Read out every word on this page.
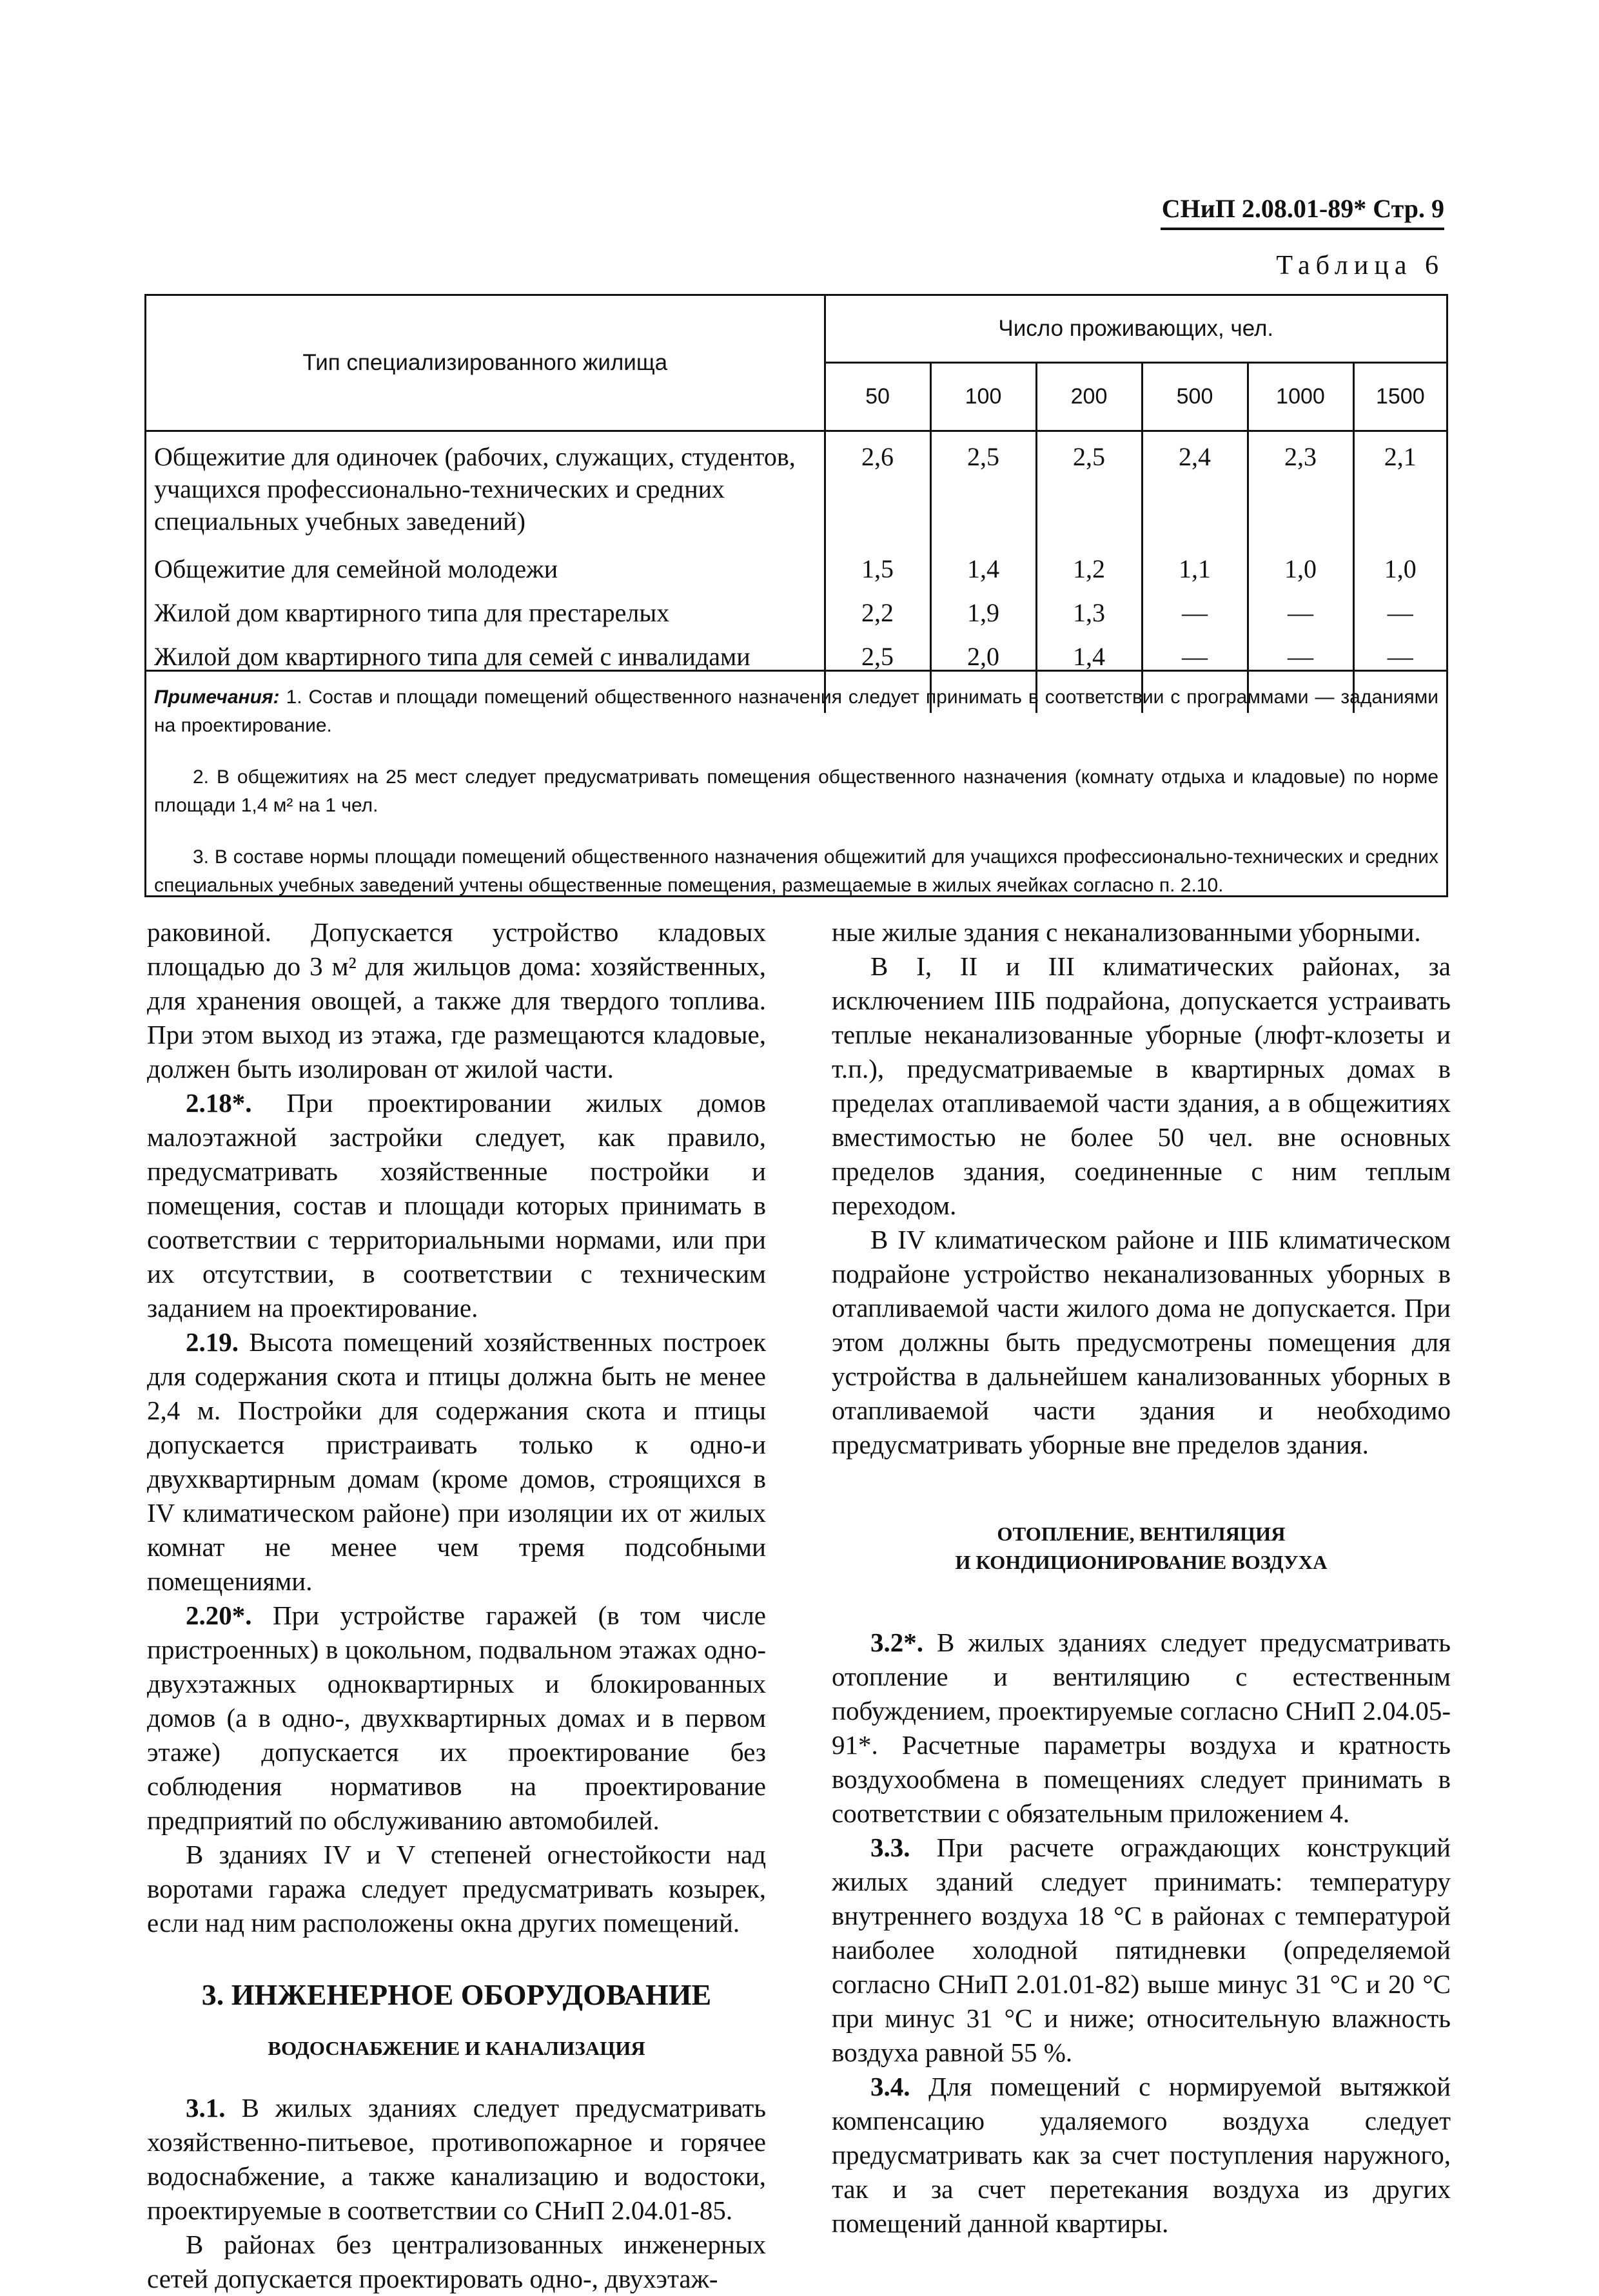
СНиП 2.08.01-89* Стр. 9
Таблица 6
Тип специализированного жилища	Число проживающих, чел.					
	50	100	200	500	1000	1500
Общежитие для одиночек (рабочих, служащих, студентов, учащихся профессионально-технических и средних специальных учебных заведений)	2,6	2,5	2,5	2,4	2,3	2,1
Общежитие для семейной молодежи	1,5	1,4	1,2	1,1	1,0	1,0
Жилой дом квартирного типа для престарелых	2,2	1,9	1,3	—	—	—
Жилой дом квартирного типа для семей с инвалидами	2,5	2,0	1,4	—	—	—

Примечания: 1. Состав и площади помещений общественного назначения следует принимать в соответствии с программами — заданиями на проектирование.

2. В общежитиях на 25 мест следует предусматривать помещения общественного назначения (комнату отдыха и кладовые) по норме площади 1,4 м² на 1 чел.

3. В составе нормы площади помещений общественного назначения общежитий для учащихся профессионально-технических и средних специальных учебных заведений учтены общественные помещения, размещаемые в жилых ячейках согласно п. 2.10.

раковиной. Допускается устройство кладовых площадью до 3 м² для жильцов дома: хозяйственных, для хранения овощей, а также для твердого топлива. При этом выход из этажа, где размещаются кладовые, должен быть изолирован от жилой части.

2.18*. При проектировании жилых домов малоэтажной застройки следует, как правило, предусматривать хозяйственные постройки и помещения, состав и площади которых принимать в соответствии с территориальными нормами, или при их отсутствии, в соответствии с техническим заданием на проектирование.

2.19. Высота помещений хозяйственных построек для содержания скота и птицы должна быть не менее 2,4 м. Постройки для содержания скота и птицы допускается пристраивать только к одно-и двухквартирным домам (кроме домов, строящихся в IV климатическом районе) при изоляции их от жилых комнат не менее чем тремя подсобными помещениями.

2.20*. При устройстве гаражей (в том числе пристроенных) в цокольном, подвальном этажах одно-двухэтажных одноквартирных и блокированных домов (а в одно-, двухквартирных домах и в первом этаже) допускается их проектирование без соблюдения нормативов на проектирование предприятий по обслуживанию автомобилей.

В зданиях IV и V степеней огнестойкости над воротами гаража следует предусматривать козырек, если над ним расположены окна других помещений.

3. ИНЖЕНЕРНОЕ ОБОРУДОВАНИЕ

ВОДОСНАБЖЕНИЕ И КАНАЛИЗАЦИЯ

3.1. В жилых зданиях следует предусматривать хозяйственно-питьевое, противопожарное и горячее водоснабжение, а также канализацию и водостоки, проектируемые в соответствии со СНиП 2.04.01-85.

В районах без централизованных инженерных сетей допускается проектировать одно-, двухэтаж-

ные жилые здания с неканализованными уборными.

В I, II и III климатических районах, за исключением IIIБ подрайона, допускается устраивать теплые неканализованные уборные (люфт-клозеты и т.п.), предусматриваемые в квартирных домах в пределах отапливаемой части здания, а в общежитиях вместимостью не более 50 чел. вне основных пределов здания, соединенные с ним теплым переходом.

В IV климатическом районе и IIIБ климатическом подрайоне устройство неканализованных уборных в отапливаемой части жилого дома не допускается. При этом должны быть предусмотрены помещения для устройства в дальнейшем канализованных уборных в отапливаемой части здания и необходимо предусматривать уборные вне пределов здания.

ОТОПЛЕНИЕ, ВЕНТИЛЯЦИЯ

И КОНДИЦИОНИРОВАНИЕ ВОЗДУХА

3.2*. В жилых зданиях следует предусматривать отопление и вентиляцию с естественным побуждением, проектируемые согласно СНиП 2.04.05-91*. Расчетные параметры воздуха и кратность воздухообмена в помещениях следует принимать в соответствии с обязательным приложением 4.

3.3. При расчете ограждающих конструкций жилых зданий следует принимать: температуру внутреннего воздуха 18 °С в районах с температурой наиболее холодной пятидневки (определяемой согласно СНиП 2.01.01-82) выше минус 31 °С и 20 °С при минус 31 °С и ниже; относительную влажность воздуха равной 55 %.

3.4. Для помещений с нормируемой вытяжкой компенсацию удаляемого воздуха следует предусматривать как за счет поступления наружного, так и за счет перетекания воздуха из других помещений данной квартиры.
